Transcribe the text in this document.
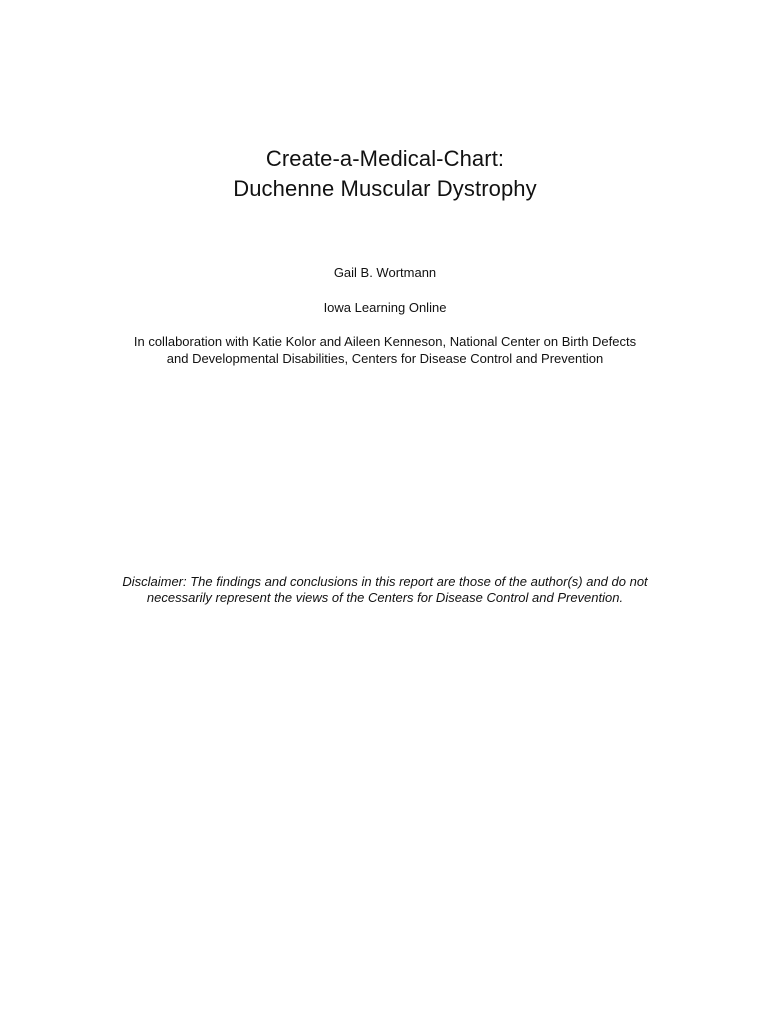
Create-a-Medical-Chart:
Duchenne Muscular Dystrophy
Gail B. Wortmann
Iowa Learning Online
In collaboration with Katie Kolor and Aileen Kenneson, National Center on Birth Defects
and Developmental Disabilities, Centers for Disease Control and Prevention
Disclaimer: The findings and conclusions in this report are those of the author(s) and do not
necessarily represent the views of the Centers for Disease Control and Prevention.
